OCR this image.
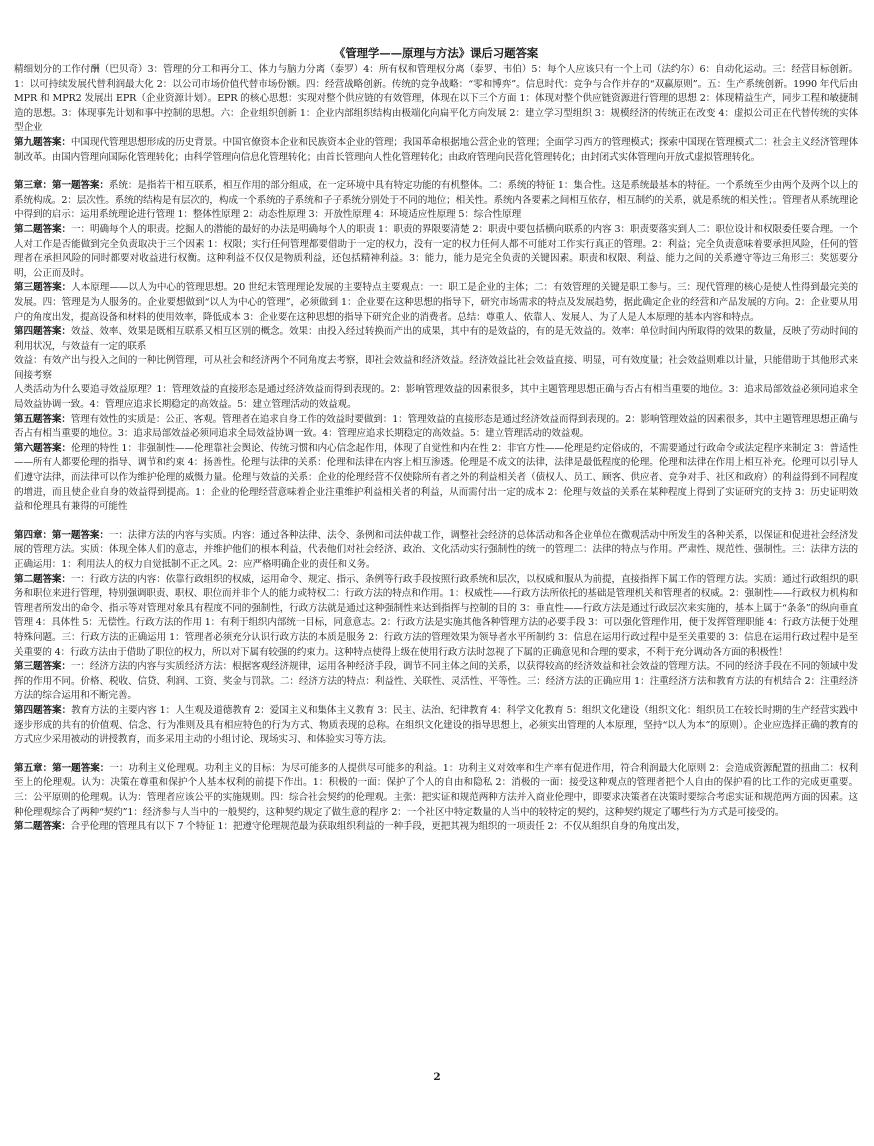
《管理学——原理与方法》课后习题答案

精细划分的工作付酬（巴贝奇）3：管理的分工和再分工、体力与脑力分离（泰罗）4：所有权和管理权分离（泰罗、韦伯）5：每个人应该只有一个上司（法约尔）6：自动化运动。三：经营目标创新。1：以可持续发展代替利润最大化 2：以公司市场价值代替市场份额。四：经营战略创新。传统的竞争战略：“零和博弈”。信息时代：竞争与合作并存的“双赢原则”。五：生产系统创新。1990 年代后由 MPR 和 MPR2 发展出 EPR（企业资源计划）。EPR 的核心思想：实现对整个供应链的有效管理，体现在以下三个方面 1：体现对整个供应链资源进行管理的思想 2：体现精益生产，同步工程和敏捷制造的思想。3：体现事先计划和事中控制的思想。六：企业组织创新 1：企业内部组织结构由极端化向扁平化方向发展 2：建立学习型组织 3：规模经济的传统正在改变 4：虚拟公司正在代替传统的实体型企业

第九题答案：中国现代管理思想形成的历史背景。中国官僚资本企业和民族资本企业的管理；我国革命根据地公营企业的管理；全面学习西方的管理模式；探索中国现在管理模式二：社会主义经济管理体制改革。由国内管理向国际化管理转化；由科学管理向信息化管理转化；由首长管理向人性化管理转化；由政府管理向民营化管理转化；由封闭式实体管理向开放式虚拟管理转化。

第三章：第一题答案：系统：是指若干相互联系，相互作用的部分组成，在一定环境中具有特定功能的有机整体。二：系统的特征 1：集合性。这是系统最基本的特征。一个系统至少由两个及两个以上的系统构成。2：层次性。系统的结构是有层次的，构成一个系统的子系统和子子系统分别处于不同的地位；相关性。系统内各要素之间相互依存，相互制约的关系，就是系统的相关性；。管理者从系统理论中得到的启示：运用系统理论进行管理 1：整体性原理 2：动态性原理 3：开放性原理 4：环境适应性原理 5：综合性原理

第二题答案：一：明确每个人的职责。挖掘人的潜能的最好的办法是明确每个人的职责 1：职责的界限要清楚 2：职责中要包括横向联系的内容 3：职责要落实到人二：职位设计和权限委任要合理。一个人对工作是否能做到完全负责取决于三个因素 1：权限；实行任何管理都要借助于一定的权力，没有一定的权力任何人都不可能对工作实行真正的管理。2：利益；完全负责意味着要承担风险，任何的管理者在承担风险的同时都要对收益进行权衡。这种利益不仅仅是物质利益，还包括精神利益。3：能力，能力是完全负责的关键因素。职责和权限、利益、能力之间的关系遵守等边三角形三：奖惩要分明，公正而及时。

第三题答案：人本原理——以人为中心的管理思想。20 世纪末管理理论发展的主要特点主要观点：一：职工是企业的主体；二：有效管理的关键是职工参与。三：现代管理的核心是使人性得到最完美的发展。四：管理是为人服务的。企业要想做到“以人为中心的管理”，必须做到 1：企业要在这种思想的指导下，研究市场需求的特点及发展趋势，据此确定企业的经营和产品发展的方向。2：企业要从用户的角度出发，提高设备和材料的使用效率，降低成本 3：企业要在这种思想的指导下研究企业的消费者。总结：尊重人、依靠人、发展人、为了人是人本原理的基本内容和特点。

第四题答案：效益、效率、效果是既相互联系又相互区别的概念。效果：由投入经过转换而产出的成果，其中有的是效益的，有的是无效益的。效率：单位时间内所取得的效果的数量，反映了劳动时间的利用状况，与效益有一定的联系

效益：有效产出与投入之间的一种比例管理，可从社会和经济两个不同角度去考察，即社会效益和经济效益。经济效益比社会效益直接、明显，可有效度量；社会效益则难以计量，只能借助于其他形式来间接考察

人类活动为什么要追寻效益原理？1：管理效益的直接形态是通过经济效益而得到表现的。2：影响管理效益的因素很多，其中主题管理思想正确与否占有相当重要的地位。3：追求局部效益必须同追求全局效益协调一致。4：管理应追求长期稳定的高效益。5：建立管理活动的效益观。

第五题答案：管理有效性的实质是：公正、客观。管理者在追求自身工作的效益时要做到：1：管理效益的直接形态是通过经济效益而得到表现的。2：影响管理效益的因素很多，其中主题管理思想正确与否占有相当重要的地位。3：追求局部效益必须同追求全局效益协调一致。4：管理应追求长期稳定的高效益。5：建立管理活动的效益观。

第六题答案：伦理的特性 1：非强制性——伦理靠社会舆论、传统习惯和内心信念起作用，体现了自觉性和内在性 2：非官方性——伦理是约定俗成的，不需要通过行政命令或法定程序来制定 3：普适性——所有人都要伦理的指导、调节和约束 4：扬善性。伦理与法律的关系：伦理和法律在内容上相互渗透。伦理是不成文的法律，法律是最低程度的伦理。伦理和法律在作用上相互补充。伦理可以引导人们遵守法律，而法律可以作为维护伦理的威慑力量。伦理与效益的关系：企业的伦理经营不仅使除所有者之外的利益相关者（债权人、员工、顾客、供应者、竞争对手、社区和政府）的利益得到不同程度的增进，而且使企业自身的效益得到提高。1：企业的伦理经营意味着企业注重维护利益相关者的利益，从而需付出一定的成本 2：伦理与效益的关系在某种程度上得到了实证研究的支持 3：历史证明效益和伦理具有兼得的可能性

第四章：第一题答案：一：法律方法的内容与实质。内容：通过各种法律、法令、条例和司法仲裁工作，调整社会经济的总体活动和各企业单位在微观活动中所发生的各种关系，以保证和促进社会经济发展的管理方法。实质：体现全体人们的意志，并维护他们的根本利益，代表他们对社会经济、政治、文化活动实行强制性的统一的管理二：法律的特点与作用。严肃性、规范性、强制性。三：法律方法的正确运用：1：利用法人的权力自觉抵制不正之风。2：应严格明确企业的责任和义务。

第二题答案：一：行政方法的内容：依靠行政组织的权威，运用命令、规定、指示、条例等行政手段按照行政系统和层次，以权威和服从为前提，直接指挥下属工作的管理方法。实质：通过行政组织的职务和职位来进行管理，特别强调职责、职权、职位而并非个人的能力或特权二：行政方法的特点和作用。1：权威性——行政方法所依托的基础是管理机关和管理者的权威。2：强制性——行政权力机构和管理者所发出的命令、指示等对管理对象具有程度不同的强制性，行政方法就是通过这种强制性来达到指挥与控制的目的 3：垂直性——行政方法是通过行政层次来实施的，基本上属于“条条”的纵向垂直管理 4：具体性 5：无偿性。行政方法的作用 1：有利于组织内部统一目标，同意意志。2：行政方法是实施其他各种管理方法的必要手段 3：可以强化管理作用，便于发挥管理职能 4：行政方法便于处理特殊问题。三：行政方法的正确运用 1：管理者必须充分认识行政方法的本质是服务 2：行政方法的管理效果为领导者水平所制约 3：信息在运用行政过程中是至关重要的 3：信息在运用行政过程中是至关重要的 4：行政方法由于借助了职位的权力，所以对下属有较强的约束力。这种特点使得上级在使用行政方法时忽视了下属的正确意见和合理的要求，不利于充分调动各方面的积极性！

第三题答案：一：经济方法的内容与实质经济方法：根据客观经济规律，运用各种经济手段，调节不同主体之间的关系，以获得较高的经济效益和社会效益的管理方法。不同的经济手段在不同的领域中发挥的作用不同。价格、税收、信贷、利润、工资、奖金与罚款。二：经济方法的特点：利益性、关联性、灵活性、平等性。三：经济方法的正确应用 1：注重经济方法和教育方法的有机结合 2：注重经济方法的综合运用和不断完善。

第四题答案：教育方法的主要内容 1：人生观及道德教育 2：爱国主义和集体主义教育 3：民主、法治、纪律教育 4：科学文化教育 5：组织文化建设（组织文化：组织员工在较长时期的生产经营实践中逐步形成的共有的价值观、信念、行为准则及具有相应特色的行为方式、物质表现的总称。在组织文化建设的指导思想上，必须实出管理的人本原理，坚持“以人为本”的原则）。企业应选择正确的教育的方式应少采用被动的讲授教育，而多采用主动的小组讨论、现场实习、和体验实习等方法。

第五章：第一题答案：一：功利主义伦理观。功利主义的目标：为尽可能多的人提供尽可能多的利益。1：功利主义对效率和生产率有促进作用，符合利润最大化原则 2：会造成资源配置的扭曲二：权利至上的伦理观。认为：决策在尊重和保护个人基本权利的前提下作出。1：积极的一面：保护了个人的自由和隐私 2：消极的一面：接受这种观点的管理者把个人自由的保护看的比工作的完成更重要。三：公平原则的伦理观。认为：管理者应该公平的实施规则。四：综合社会契约的伦理观。主张：把实证和规范两种方法并入商业伦理中，即要求决策者在决策时要综合考虑实证和规范两方面的因素。这种伦理观综合了两种“契约”1：经济参与人当中的一般契约，这种契约规定了做生意的程序 2：一个社区中特定数量的人当中的较特定的契约，这种契约规定了哪些行为方式是可接受的。

第二题答案：合乎伦理的管理具有以下 7 个特征 1：把遵守伦理规范最为获取组织利益的一种手段，更把其视为组织的一项责任 2：不仅从组织自身的角度出发，

2
